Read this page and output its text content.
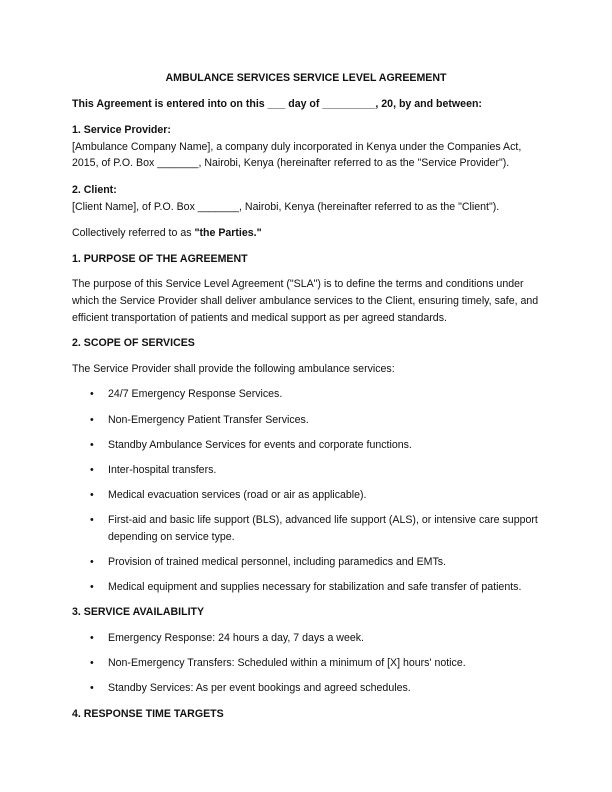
AMBULANCE SERVICES SERVICE LEVEL AGREEMENT

This Agreement is entered into on this ___ day of _________, 20, by and between:

1. Service Provider:

[Ambulance Company Name], a company duly incorporated in Kenya under the Companies Act, 2015, of P.O. Box _______, Nairobi, Kenya (hereinafter referred to as the "Service Provider").

2. Client:

[Client Name], of P.O. Box _______, Nairobi, Kenya (hereinafter referred to as the "Client").

Collectively referred to as "the Parties."

1. PURPOSE OF THE AGREEMENT

The purpose of this Service Level Agreement ("SLA") is to define the terms and conditions under which the Service Provider shall deliver ambulance services to the Client, ensuring timely, safe, and efficient transportation of patients and medical support as per agreed standards.

2. SCOPE OF SERVICES

The Service Provider shall provide the following ambulance services:

• 24/7 Emergency Response Services.
• Non-Emergency Patient Transfer Services.
• Standby Ambulance Services for events and corporate functions.
• Inter-hospital transfers.
• Medical evacuation services (road or air as applicable).
• First-aid and basic life support (BLS), advanced life support (ALS), or intensive care support depending on service type.
• Provision of trained medical personnel, including paramedics and EMTs.
• Medical equipment and supplies necessary for stabilization and safe transfer of patients.

3. SERVICE AVAILABILITY

• Emergency Response: 24 hours a day, 7 days a week.
• Non-Emergency Transfers: Scheduled within a minimum of [X] hours' notice.
• Standby Services: As per event bookings and agreed schedules.

4. RESPONSE TIME TARGETS
